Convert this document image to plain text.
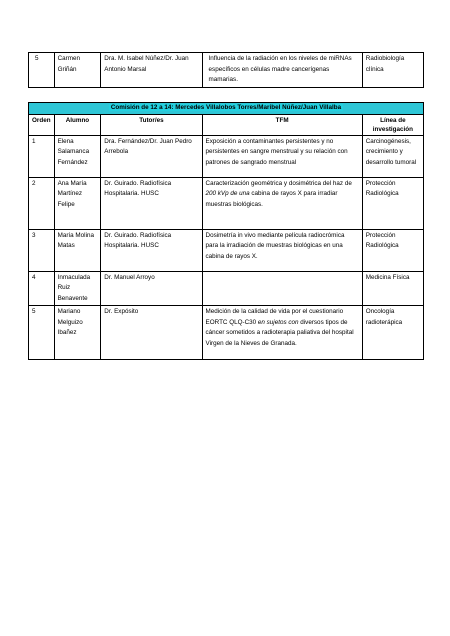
5	Carmen Griñán	Dra. M. Isabel Núñez/Dr. Juan Antonio Marsal	Influencia de la radiación en los niveles de miRNAs específicos en células madre cancerígenas mamarias.	Radiobiología clínica
Comisión de 12 a 14: Mercedes Villalobos Torres/Maribel Núñez/Juan Villalba				
Orden	Alumno	Tutor/es	TFM	Línea de investigación
1	Elena Salamanca Fernández	Dra. Fernández/Dr. Juan Pedro Arrebola	Exposición a contaminantes persistentes y no persistentes en sangre menstrual y su relación con patrones de sangrado menstrual	Carcinogénesis, crecimiento y desarrollo tumoral
2	Ana María Martínez Felipe	Dr. Guirado. Radiofísica Hospitalaria. HUSC	Caracterización geométrica y dosimétrica del haz de 200 kVp de una cabina de rayos X para irradiar muestras biológicas.	Protección Radiológica
3	María Molina Matas	Dr. Guirado. Radiofísica Hospitalaria. HUSC	Dosimetría in vivo mediante película radiocrómica para la irradiación de muestras biológicas en una cabina de rayos X.	Protección Radiológica
4	Inmaculada Ruiz Benavente	Dr. Manuel Arroyo		Medicina Física
5	Mariano Melguizo Ibañez	Dr. Expósito	Medición de la calidad de vida por el cuestionario EORTC QLQ-C30 en sujetos con diversos tipos de cáncer sometidos a radioterapia paliativa del hospital Virgen de la Nieves de Granada.	Oncología radioterápica
